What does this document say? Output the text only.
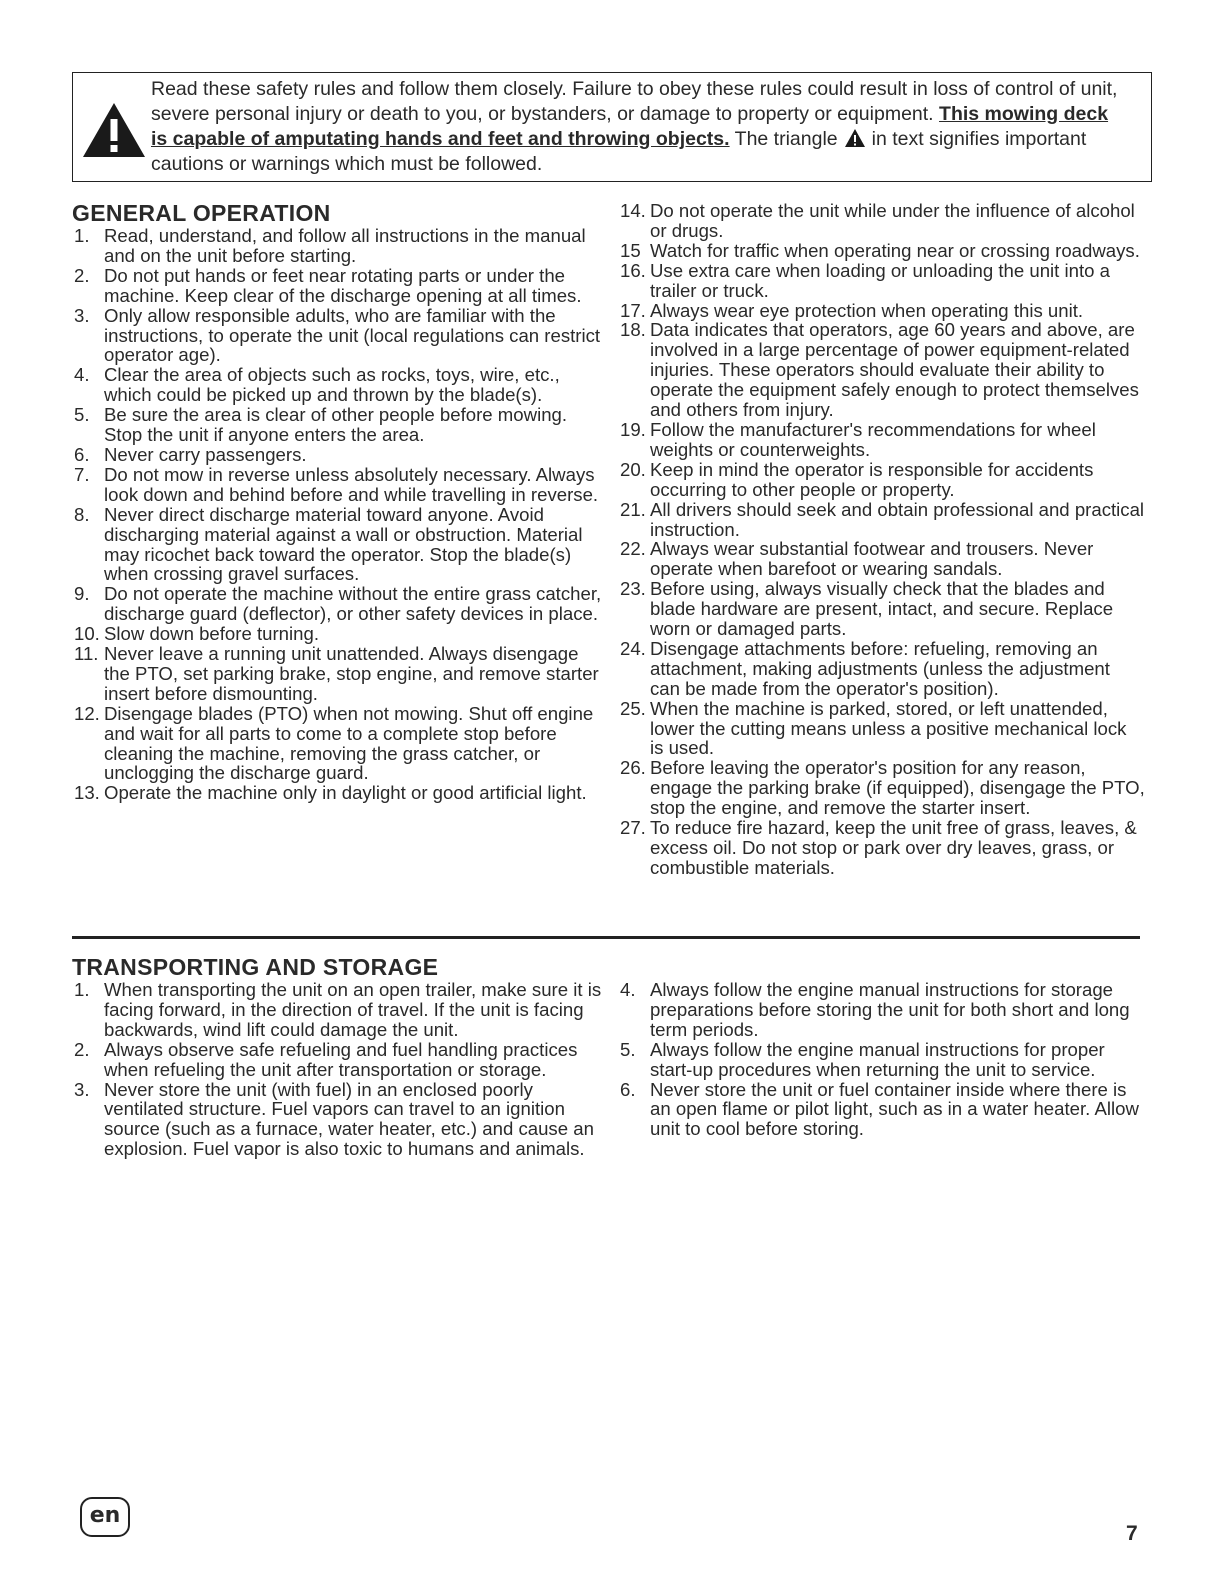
Read these safety rules and follow them closely. Failure to obey these rules could result in loss of control of unit,
severe personal injury or death to you, or bystanders, or damage to property or equipment. This mowing deck
is capable of amputating hands and feet and throwing objects. The triangle in text signifies important
cautions or warnings which must be followed.
GENERAL OPERATION
1. Read, understand, and follow all instructions in the manual and on the unit before starting.
2. Do not put hands or feet near rotating parts or under the machine. Keep clear of the discharge opening at all times.
3. Only allow responsible adults, who are familiar with the instructions, to operate the unit (local regulations can restrict operator age).
4. Clear the area of objects such as rocks, toys, wire, etc., which could be picked up and thrown by the blade(s).
5. Be sure the area is clear of other people before mowing. Stop the unit if anyone enters the area.
6. Never carry passengers.
7. Do not mow in reverse unless absolutely necessary. Always look down and behind before and while travelling in reverse.
8. Never direct discharge material toward anyone. Avoid discharging material against a wall or obstruction. Material may ricochet back toward the operator. Stop the blade(s) when crossing gravel surfaces.
9. Do not operate the machine without the entire grass catcher, discharge guard (deflector), or other safety devices in place.
10. Slow down before turning.
11. Never leave a running unit unattended. Always disengage the PTO, set parking brake, stop engine, and remove starter insert before dismounting.
12. Disengage blades (PTO) when not mowing. Shut off engine and wait for all parts to come to a complete stop before cleaning the machine, removing the grass catcher, or unclogging the discharge guard.
13. Operate the machine only in daylight or good artificial light.
14. Do not operate the unit while under the influence of alcohol or drugs.
15 Watch for traffic when operating near or crossing roadways.
16. Use extra care when loading or unloading the unit into a trailer or truck.
17. Always wear eye protection when operating this unit.
18. Data indicates that operators, age 60 years and above, are involved in a large percentage of power equipment-related injuries. These operators should evaluate their ability to operate the equipment safely enough to protect themselves and others from injury.
19. Follow the manufacturer's recommendations for wheel weights or counterweights.
20. Keep in mind the operator is responsible for accidents occurring to other people or property.
21. All drivers should seek and obtain professional and practical instruction.
22. Always wear substantial footwear and trousers. Never operate when barefoot or wearing sandals.
23. Before using, always visually check that the blades and blade hardware are present, intact, and secure. Replace worn or damaged parts.
24. Disengage attachments before: refueling, removing an attachment, making adjustments (unless the adjustment can be made from the operator's position).
25. When the machine is parked, stored, or left unattended, lower the cutting means unless a positive mechanical lock is used.
26. Before leaving the operator's position for any reason, engage the parking brake (if equipped), disengage the PTO, stop the engine, and remove the starter insert.
27. To reduce fire hazard, keep the unit free of grass, leaves, & excess oil. Do not stop or park over dry leaves, grass, or combustible materials.
TRANSPORTING AND STORAGE
1. When transporting the unit on an open trailer, make sure it is facing forward, in the direction of travel. If the unit is facing backwards, wind lift could damage the unit.
2. Always observe safe refueling and fuel handling practices when refueling the unit after transportation or storage.
3. Never store the unit (with fuel) in an enclosed poorly ventilated structure. Fuel vapors can travel to an ignition source (such as a furnace, water heater, etc.) and cause an explosion. Fuel vapor is also toxic to humans and animals.
4. Always follow the engine manual instructions for storage preparations before storing the unit for both short and long term periods.
5. Always follow the engine manual instructions for proper start-up procedures when returning the unit to service.
6. Never store the unit or fuel container inside where there is an open flame or pilot light, such as in a water heater. Allow unit to cool before storing.
en
7
